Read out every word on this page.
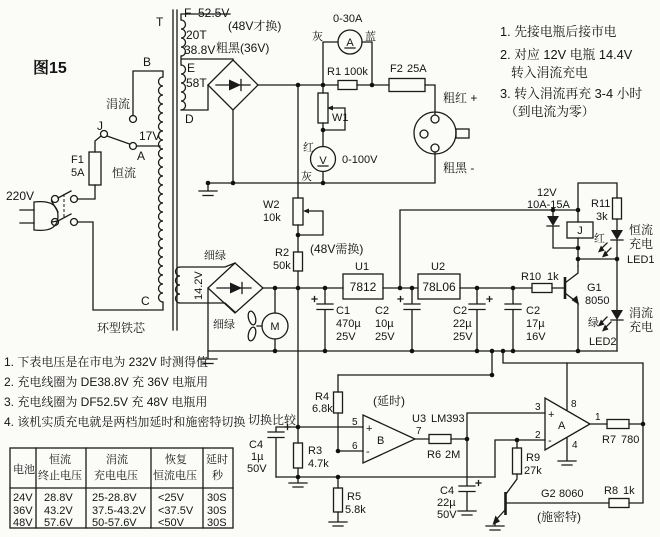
图15
T
F 52.5V
20T
38.8V
E
58T
D
(48V才换)
粗黑(36V)
B
涓流
J
17V
A
恒流
C
环型铁芯
14.2V
细绿
细绿
220V
F1
5A
0-30A
灰	蓝
A
V 0-100V
红
灰
R1 100k F2 25A
W1
粗红 +
粗黑 -
W2
10k
R2
50k
(48V需换)
U1
7812
U2
78L06
C1
470µ
25V
C2
10µ
25V
C2
22µ
25V
C2
17µ
16V
M
12V
10A-15A
J
R11
3k
R10 1k
G1
8050
红
恒流
充电
LED1
绿
涓流
充电
LED2
切换比较
C4
1µ
50V
R3
4.7k
R4
6.8k
(延时)
U3 LM393
5
+
6 -
B
7
R6 2M
R5
5.8k
C4
22µ
50V
3
+
2 -
A
8
4
1
R7 780
R9
27k
G2 8060
(施密特)
R8 1k
1. 先接电瓶后接市电
2. 对应 12V 电瓶 14.4V
转入涓流充电
3. 转入涓流再充 3-4 小时
（到电流为零）
1. 下表电压是在市电为 232V 时测得值
2. 充电线圈为 DE38.8V 充 36V 电瓶用
3. 充电线圈为 DF52.5V 充 48V 电瓶用
4. 该机实质充电就是两档加延时和施密特切换
电池
恒流
终止电压
涓流
充电电压
恢复
恒流电压
延时
秒
24V 28.8V 25-28.8V <25V 30S
36V 43.2V 37.5-43.2V <37.5V 30S
48V 57.6V 50-57.6V <50V 30S
